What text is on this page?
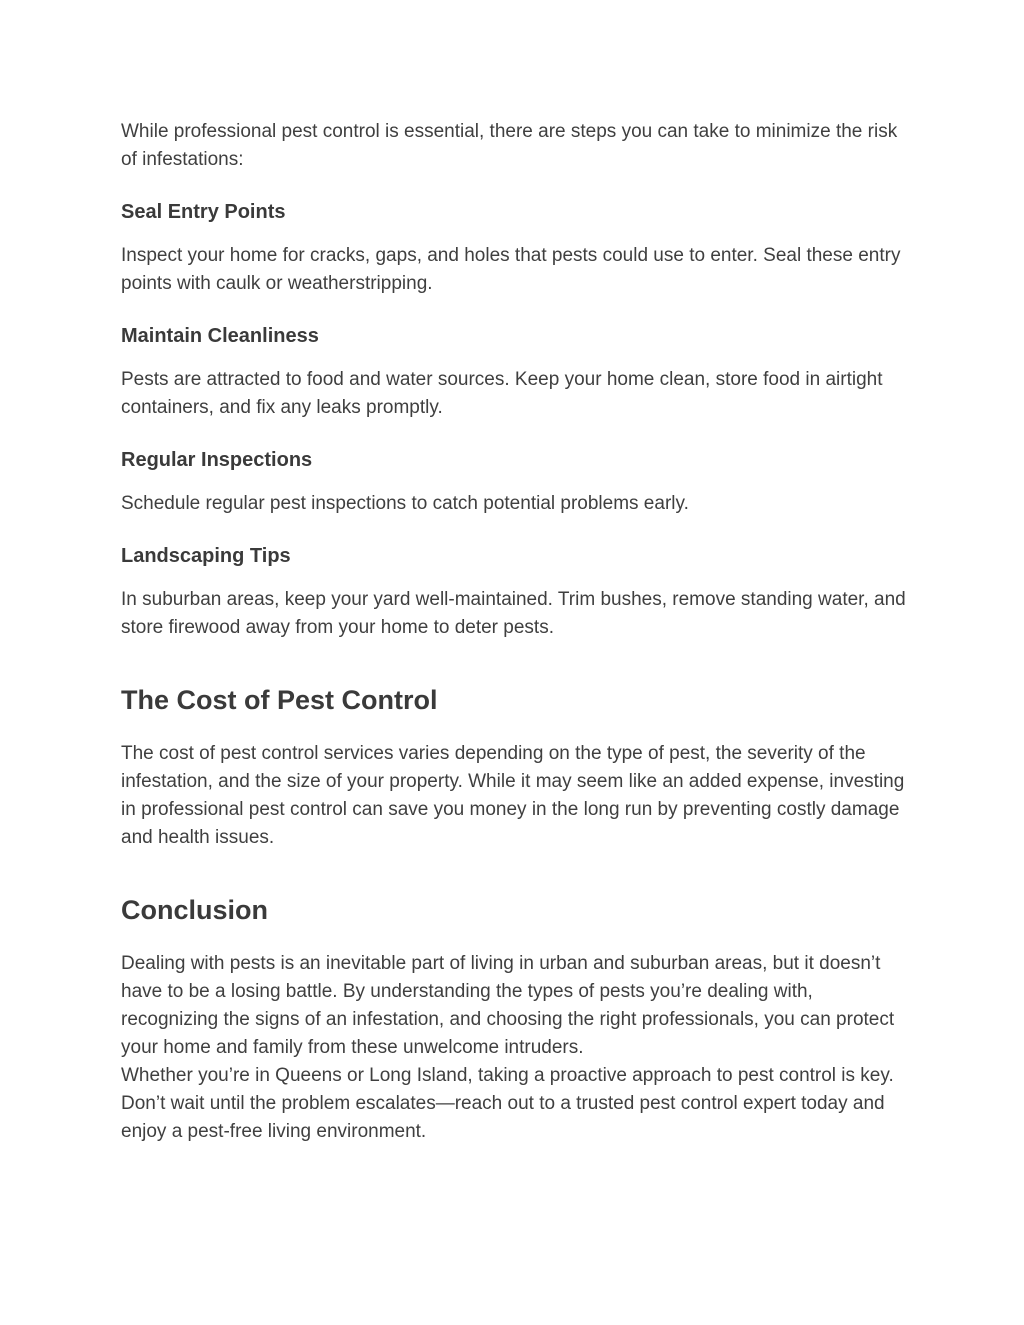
While professional pest control is essential, there are steps you can take to minimize the risk of infestations:

Seal Entry Points

Inspect your home for cracks, gaps, and holes that pests could use to enter. Seal these entry points with caulk or weatherstripping.

Maintain Cleanliness

Pests are attracted to food and water sources. Keep your home clean, store food in airtight containers, and fix any leaks promptly.

Regular Inspections

Schedule regular pest inspections to catch potential problems early.

Landscaping Tips

In suburban areas, keep your yard well-maintained. Trim bushes, remove standing water, and store firewood away from your home to deter pests.

The Cost of Pest Control

The cost of pest control services varies depending on the type of pest, the severity of the infestation, and the size of your property. While it may seem like an added expense, investing in professional pest control can save you money in the long run by preventing costly damage and health issues.

Conclusion

Dealing with pests is an inevitable part of living in urban and suburban areas, but it doesn’t have to be a losing battle. By understanding the types of pests you’re dealing with, recognizing the signs of an infestation, and choosing the right professionals, you can protect your home and family from these unwelcome intruders.

Whether you’re in Queens or Long Island, taking a proactive approach to pest control is key. Don’t wait until the problem escalates—reach out to a trusted pest control expert today and enjoy a pest-free living environment.
